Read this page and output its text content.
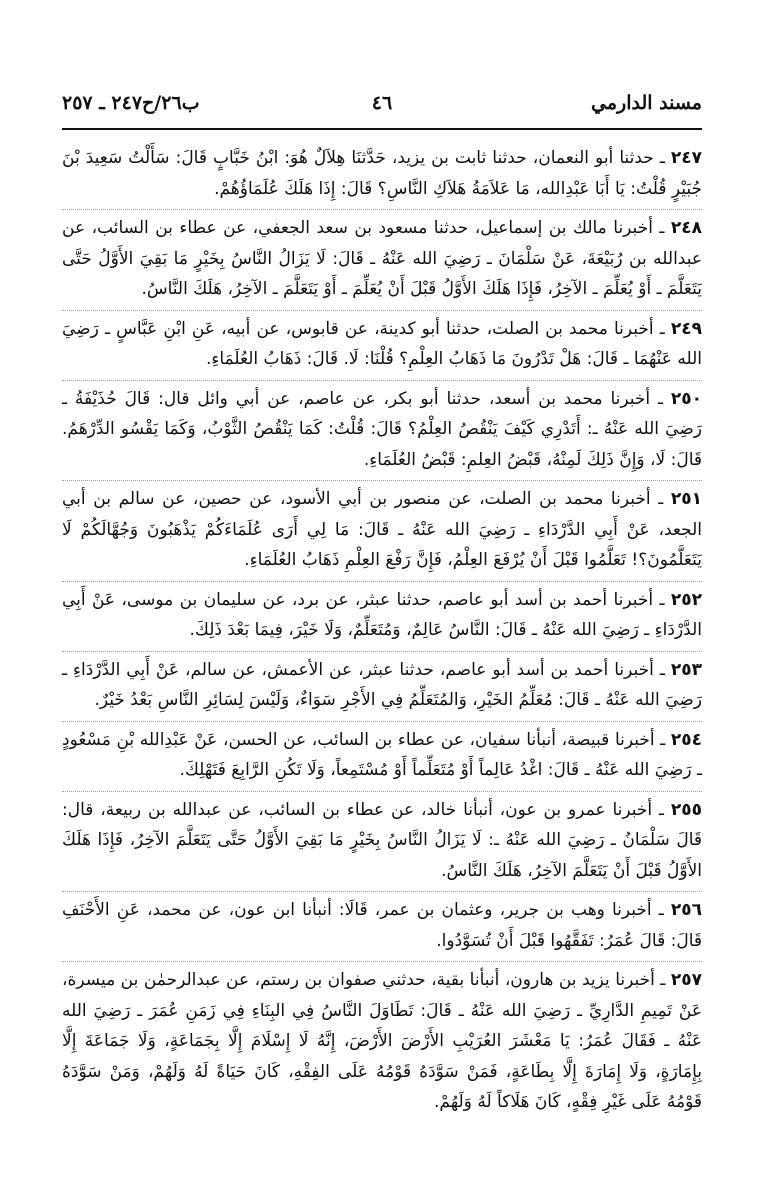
مسند الدارمي
٤٦
ب٢٦/ح٢٤٧ ـ ٢٥٧

٢٤٧ ـ حدثنا أبو النعمان، حدثنا ثابت بن يزيد، حَدَّثنَا هِلاَلٌ هُوَ: ابْنُ خَبَّابٍ قَالَ: سَأَلْتُ سَعِيدَ بْنَ جُبَيْرٍ قُلْتُ: يَا أَبَا عَبْدِالله، مَا عَلاَمَةُ هَلاَكِ النَّاسِ؟ قَالَ: إِذَا هَلَكَ عُلَمَاؤُهُمْ.

٢٤٨ ـ أخبرنا مالك بن إسماعيل، حدثنا مسعود بن سعد الجعفي، عن عطاء بن السائب، عن عبدالله بن رُبَيْعَةَ، عَنْ سَلْمَانَ ـ رَضِيَ الله عَنْهُ ـ قَالَ: لَا يَزَالُ النَّاسُ بِخَيْرٍ مَا بَقِيَ الأَوَّلُ حَتَّى يَتَعَلَّمَ ـ أَوْ يُعَلِّمَ ـ الآخِرُ، فَإِذَا هَلَكَ الأَوَّلُ قَبْلَ أَنْ يُعَلِّمَ ـ أَوْ يَتَعَلَّمَ ـ الآخِرُ، هَلَكَ النَّاسُ.

٢٤٩ ـ أخبرنا محمد بن الصلت، حدثنا أبو كدينة، عن قابوس، عن أبيه، عَنِ ابْنِ عَبَّاسٍ ـ رَضِيَ الله عَنْهُمَا ـ قَالَ: هَلْ تَدْرُونَ مَا ذَهَابُ العِلْمِ؟ قُلْنَا: لَا. قَالَ: ذَهَابُ العُلَمَاءِ.

٢٥٠ ـ أخبرنا محمد بن أسعد، حدثنا أبو بكر، عن عاصم، عن أبي وائل قال: قَالَ حُذَيْفَةُ ـ رَضِيَ الله عَنْهُ ـ: أَتَدْرِي كَيْفَ يَنْقُصُ العِلْمُ؟ قَالَ: قُلْتُ: كَمَا يَنْقُصُ الثَّوْبُ، وَكَمَا يَقْسُو الدِّرْهَمُ. قَالَ: لَا، وَإِنَّ ذَلِكَ لَمِنْهُ، قَبْضُ العِلمِ: قَبْضُ العُلَمَاءِ.

٢٥١ ـ أخبرنا محمد بن الصلت، عن منصور بن أبي الأسود، عن حصين، عن سالم بن أبي الجعد، عَنْ أَبِي الدَّرْدَاءِ ـ رَضِيَ الله عَنْهُ ـ قَالَ: مَا لِي أَرَى عُلَمَاءَكُمْ يَذْهَبُونَ وَجُهَّالَكُمْ لَا يَتَعَلَّمُونَ؟! تَعَلَّمُوا قَبْلَ أَنْ يُرْفَعَ العِلْمُ، فَإِنَّ رَفْعَ العِلْمِ ذَهَابُ العُلَمَاءِ.

٢٥٢ ـ أخبرنا أحمد بن أسد أبو عاصم، حدثنا عبثر، عن برد، عن سليمان بن موسى، عَنْ أَبِي الدَّرْدَاءِ ـ رَضِيَ الله عَنْهُ ـ قَالَ: النَّاسُ عَالِمٌ، وَمُتَعَلِّمٌ، وَلَا خَيْرَ، فِيمَا بَعْدَ ذَلِكَ.

٢٥٣ ـ أخبرنا أحمد بن أسد أبو عاصم، حدثنا عبثر، عن الأعمش، عن سالم، عَنْ أَبِي الدَّرْدَاءِ ـ رَضِيَ الله عَنْهُ ـ قَالَ: مُعَلِّمُ الخَيْرِ، وَالمُتَعَلِّمُ فِي الأَجْرِ سَوَاءٌ، وَلَيْسَ لِسَائِرِ النَّاسِ بَعْدُ خَيْرٌ.

٢٥٤ ـ أخبرنا قبيصة، أنبأنا سفيان، عن عطاء بن السائب، عن الحسن، عَنْ عَبْدِالله بْنِ مَسْعُودٍ ـ رَضِيَ الله عَنْهُ ـ قَالَ: اغْدُ عَالِماً أَوْ مُتَعَلِّماً أَوْ مُسْتَمِعاً، وَلَا تَكُنِ الرَّابِعَ فَتَهْلِكَ.

٢٥٥ ـ أخبرنا عمرو بن عون، أنبأنا خالد، عن عطاء بن السائب، عن عبدالله بن ربيعة، قال: قَالَ سَلْمَانُ ـ رَضِيَ الله عَنْهُ ـ: لَا يَزَالُ النَّاسُ بِخَيْرٍ مَا بَقِيَ الأَوَّلُ حَتَّى يَتَعَلَّمَ الآخِرُ، فَإِذَا هَلَكَ الأَوَّلُ قَبْلَ أَنْ يَتَعَلَّمَ الآخِرُ، هَلَكَ النَّاسُ.

٢٥٦ ـ أخبرنا وهب بن جرير، وعثمان بن عمر، قَالَا: أنبأنا ابن عون، عن محمد، عَنِ الأَحْنَفِ قَالَ: قَالَ عُمَرُ: تَفَقَّهُوا قَبْلَ أَنْ تُسَوَّدُوا.

٢٥٧ ـ أخبرنا يزيد بن هارون، أنبأنا بقية، حدثني صفوان بن رستم، عن عبدالرحمٰن بن ميسرة، عَنْ تَمِيمِ الدَّارِيِّ ـ رَضِيَ الله عَنْهُ ـ قَالَ: تَطَاوَلَ النَّاسُ فِي البِنَاءِ فِي زَمَنِ عُمَرَ ـ رَضِيَ الله عَنْهُ ـ فَقَالَ عُمَرُ: يَا مَعْشَرَ العُرَيْبِ الأَرْضَ الأَرْضَ، إِنَّهُ لَا إِسْلَامَ إِلَّا بِجَمَاعَةٍ، وَلَا جَمَاعَةَ إِلَّا بِإِمَارَةٍ، وَلَا إِمَارَةَ إِلَّا بِطَاعَةٍ، فَمَنْ سَوَّدَهُ قَوْمُهُ عَلَى الفِقْهِ، كَانَ حَيَاةً لَهُ وَلَهُمْ، وَمَنْ سَوَّدَهُ قَوْمُهُ عَلَى غَيْرِ فِقْهٍ، كَانَ هَلَاكاً لَهُ وَلَهُمْ.
